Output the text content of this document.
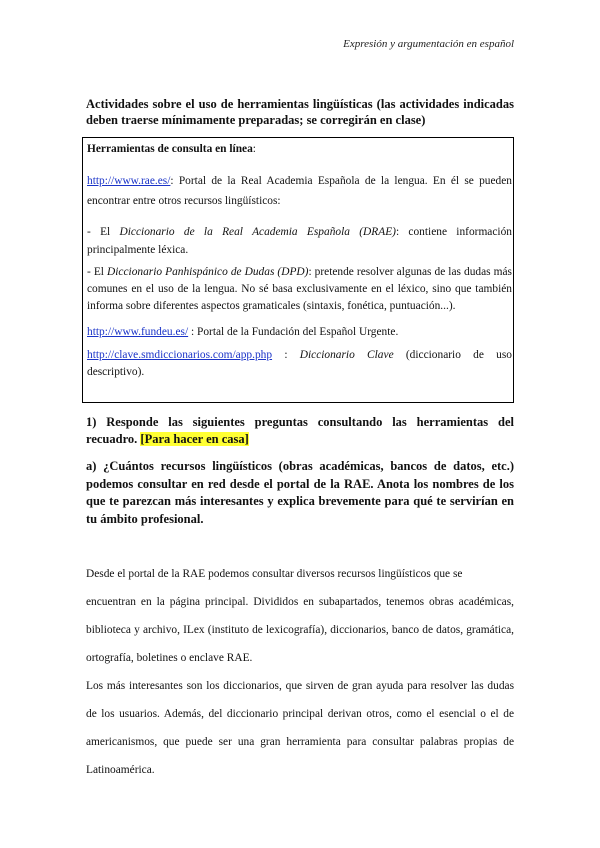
Expresión y argumentación en español
Actividades sobre el uso de herramientas lingüísticas (las actividades indicadas deben traerse mínimamente preparadas; se corregirán en clase)

Herramientas de consulta en línea:

http://www.rae.es/: Portal de la Real Academia Española de la lengua. En él se pueden encontrar entre otros recursos lingüísticos:

- El Diccionario de la Real Academia Española (DRAE): contiene información principalmente léxica.

- El Diccionario Panhispánico de Dudas (DPD): pretende resolver algunas de las dudas más comunes en el uso de la lengua. No sé basa exclusivamente en el léxico, sino que también informa sobre diferentes aspectos gramaticales (sintaxis, fonética, puntuación...).

http://www.fundeu.es/ : Portal de la Fundación del Español Urgente.

http://clave.smdiccionarios.com/app.php : Diccionario Clave (diccionario de uso descriptivo).

1) Responde las siguientes preguntas consultando las herramientas del recuadro. [Para hacer en casa]
a) ¿Cuántos recursos lingüísticos (obras académicas, bancos de datos, etc.) podemos consultar en red desde el portal de la RAE. Anota los nombres de los que te parezcan más interesantes y explica brevemente para qué te servirían en tu ámbito profesional.

Desde el portal de la RAE podemos consultar diversos recursos lingüísticos que se

encuentran en la página principal. Divididos en subapartados, tenemos obras académicas, biblioteca y archivo, ILex (instituto de lexicografía), diccionarios, banco de datos, gramática, ortografía, boletines o enclave RAE.

Los más interesantes son los diccionarios, que sirven de gran ayuda para resolver las dudas de los usuarios. Además, del diccionario principal derivan otros, como el esencial o el de americanismos, que puede ser una gran herramienta para consultar palabras propias de Latinoamérica.
